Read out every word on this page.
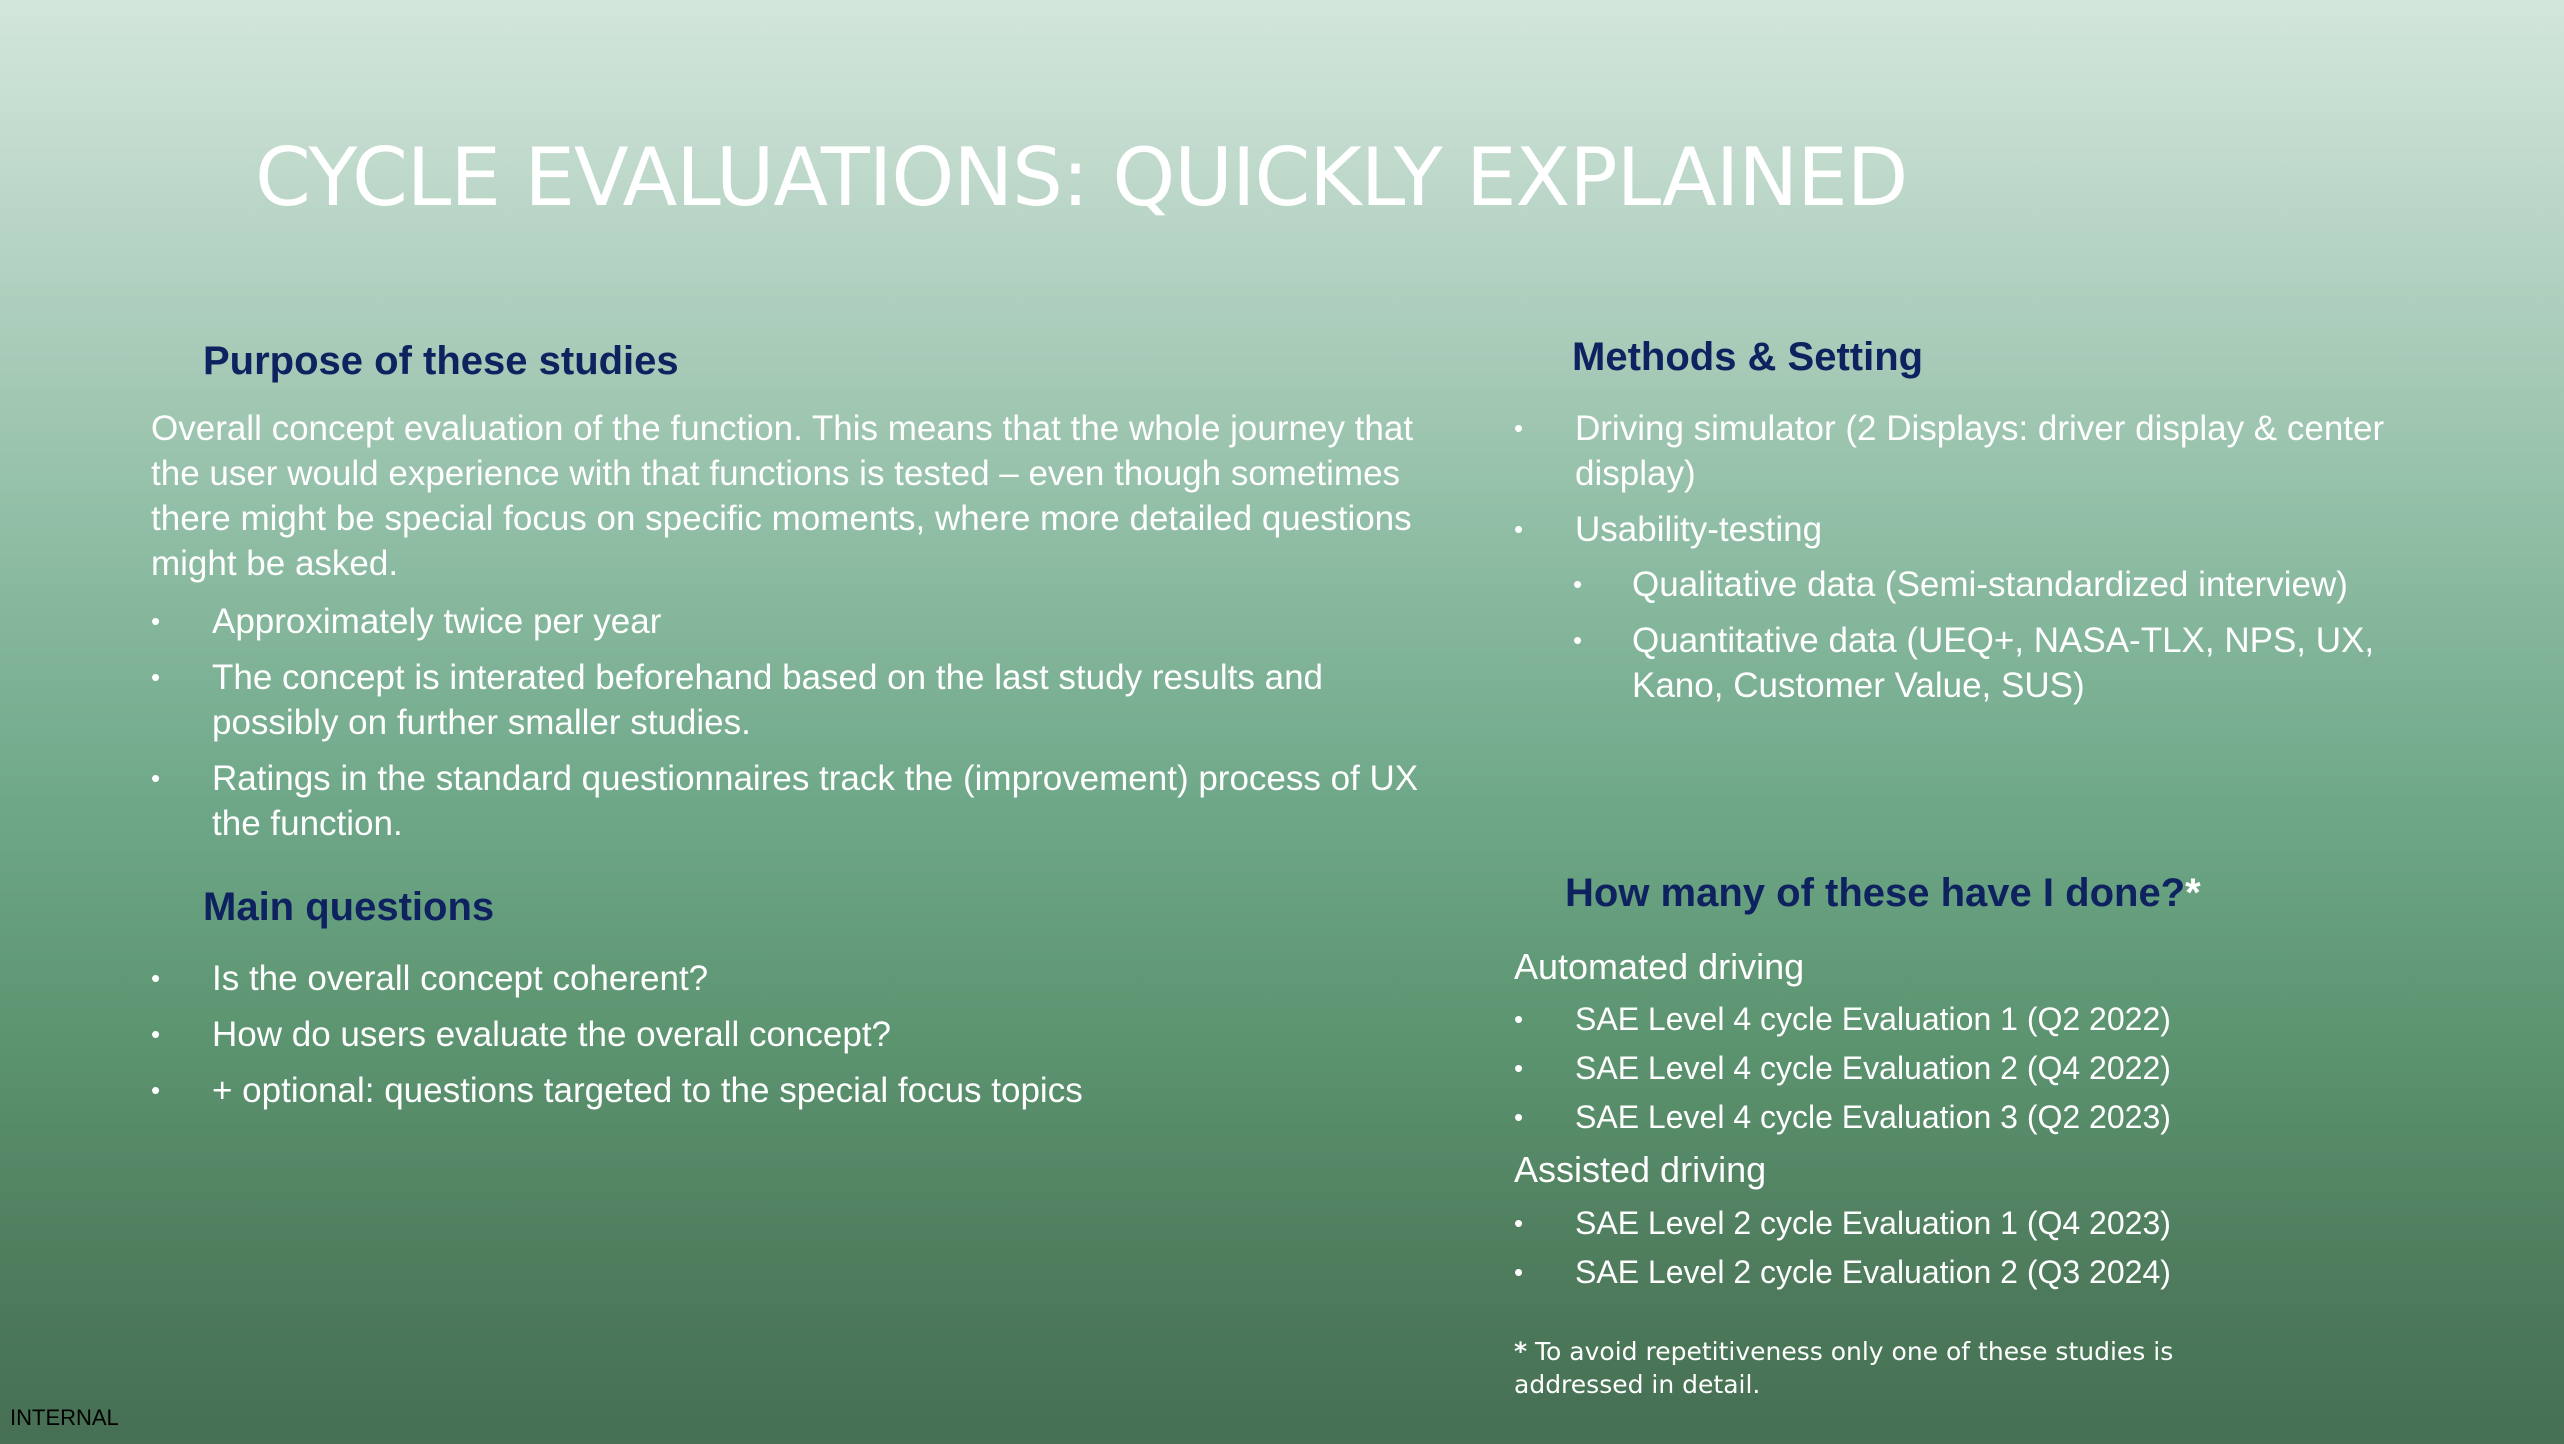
CYCLE EVALUATIONS: QUICKLY EXPLAINED
Purpose of these studies
Overall concept evaluation of the function. This means that the whole journey that the user would experience with that functions is tested – even though sometimes there might be special focus on specific moments, where more detailed questions might be asked.
• Approximately twice per year
• The concept is interated beforehand based on the last study results and possibly on further smaller studies.
• Ratings in the standard questionnaires track the (improvement) process of UX the function.
Main questions
• Is the overall concept coherent?
• How do users evaluate the overall concept?
• + optional: questions targeted to the special focus topics
Methods & Setting
• Driving simulator (2 Displays: driver display & center display)
• Usability-testing
• Qualitative data (Semi-standardized interview)
• Quantitative data (UEQ+, NASA-TLX, NPS, UX, Kano, Customer Value, SUS)
How many of these have I done?*
Automated driving
• SAE Level 4 cycle Evaluation 1 (Q2 2022)
• SAE Level 4 cycle Evaluation 2 (Q4 2022)
• SAE Level 4 cycle Evaluation 3 (Q2 2023)
Assisted driving
• SAE Level 2 cycle Evaluation 1 (Q4 2023)
• SAE Level 2 cycle Evaluation 2 (Q3 2024)
* To avoid repetitiveness only one of these studies is addressed in detail.
INTERNAL
